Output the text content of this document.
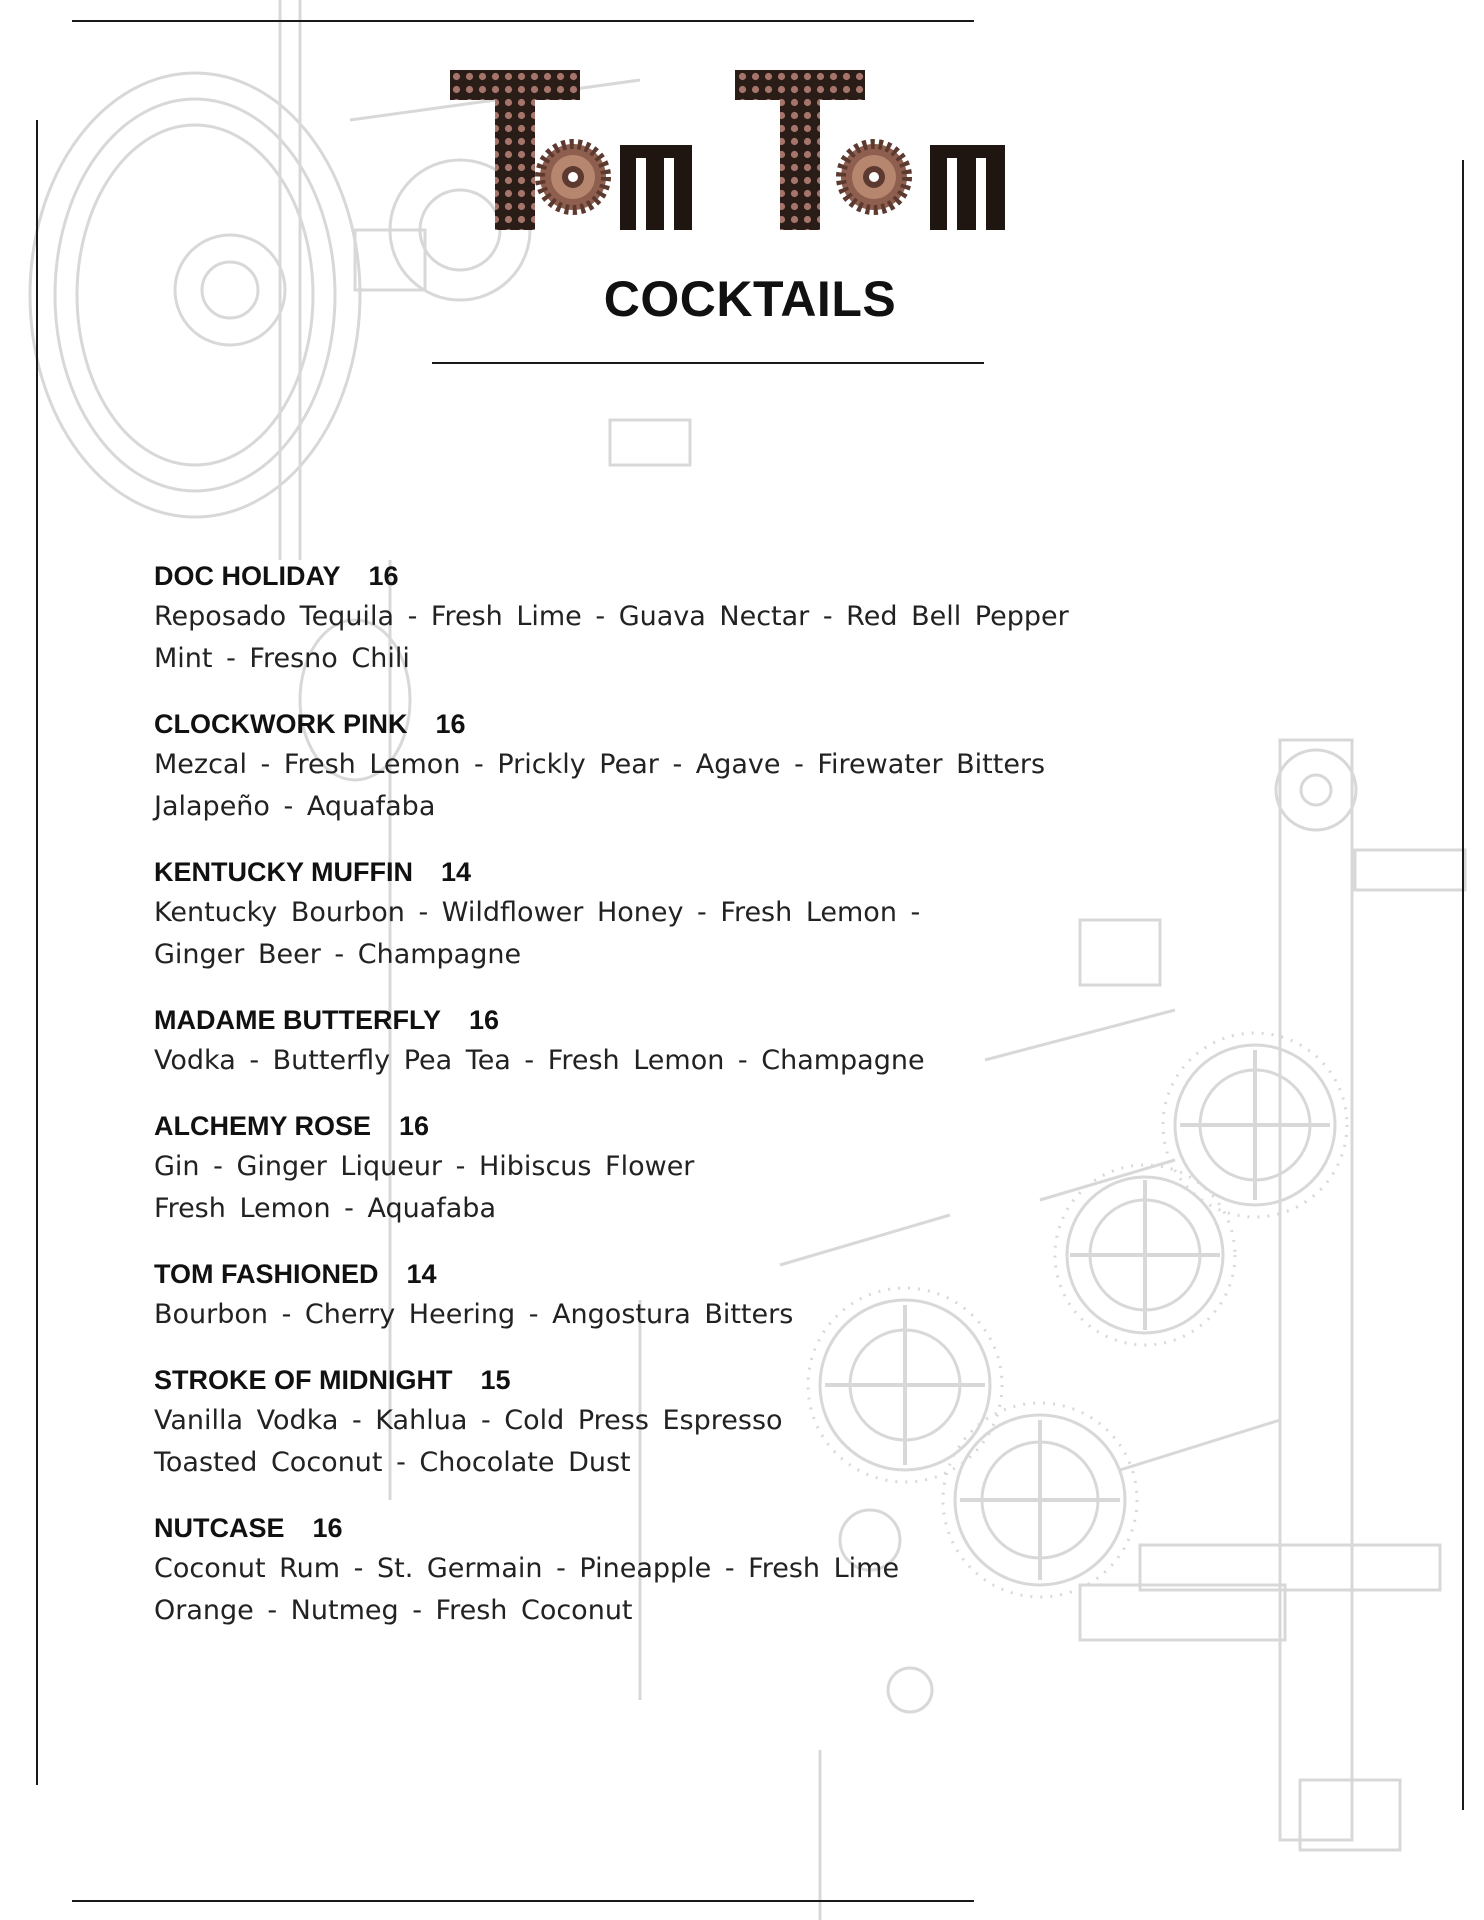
COCKTAILS
DOC HOLIDAY 16
Reposado Tequila - Fresh Lime - Guava Nectar - Red Bell Pepper
Mint - Fresno Chili
CLOCKWORK PINK 16
Mezcal - Fresh Lemon - Prickly Pear - Agave - Firewater Bitters
Jalapeño - Aquafaba
KENTUCKY MUFFIN 14
Kentucky Bourbon - Wildflower Honey - Fresh Lemon -
Ginger Beer - Champagne
MADAME BUTTERFLY 16
Vodka - Butterfly Pea Tea - Fresh Lemon - Champagne
ALCHEMY ROSE 16
Gin - Ginger Liqueur - Hibiscus Flower
Fresh Lemon - Aquafaba
TOM FASHIONED 14
Bourbon - Cherry Heering - Angostura Bitters
STROKE OF MIDNIGHT 15
Vanilla Vodka - Kahlua - Cold Press Espresso
Toasted Coconut - Chocolate Dust
NUTCASE 16
Coconut Rum - St. Germain - Pineapple - Fresh Lime
Orange - Nutmeg - Fresh Coconut
